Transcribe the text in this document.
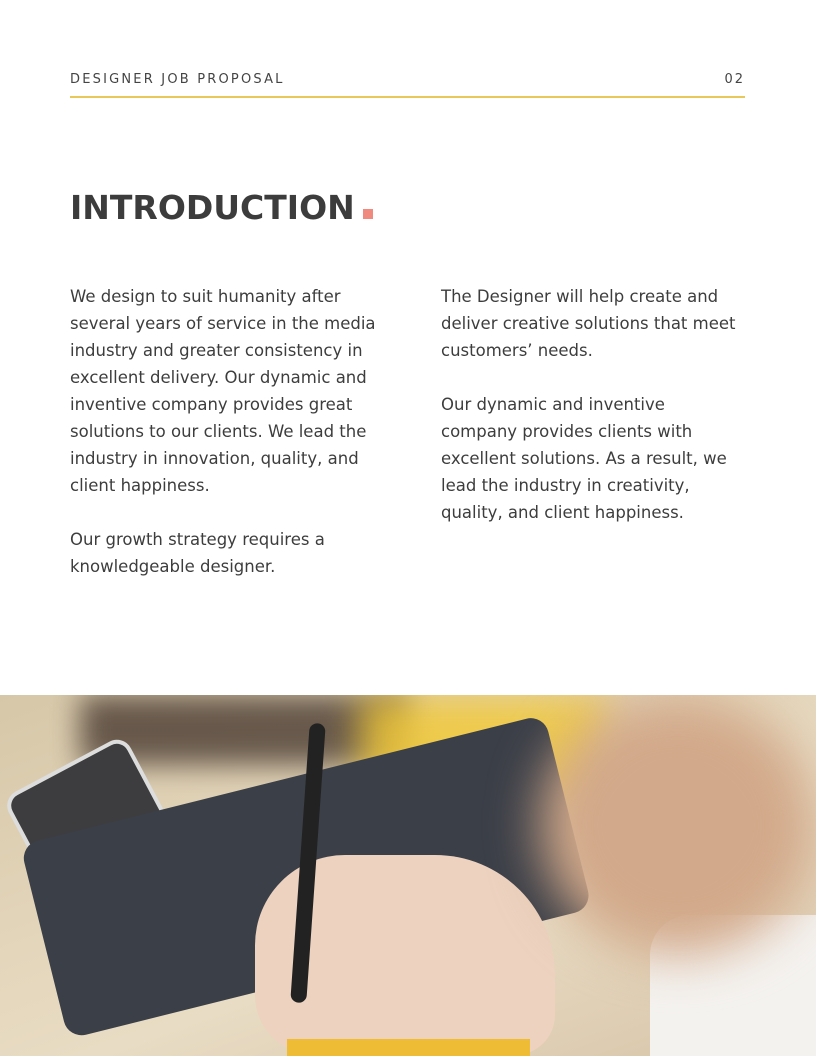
DESIGNER JOB PROPOSAL	02
INTRODUCTION

We design to suit humanity after several years of service in the media industry and greater consistency in excellent delivery. Our dynamic and inventive company provides great solutions to our clients. We lead the industry in innovation, quality, and client happiness.

Our growth strategy requires a knowledgeable designer.

The Designer will help create and deliver creative solutions that meet customers’ needs.

Our dynamic and inventive company provides clients with excellent solutions. As a result, we lead the industry in creativity, quality, and client happiness.
